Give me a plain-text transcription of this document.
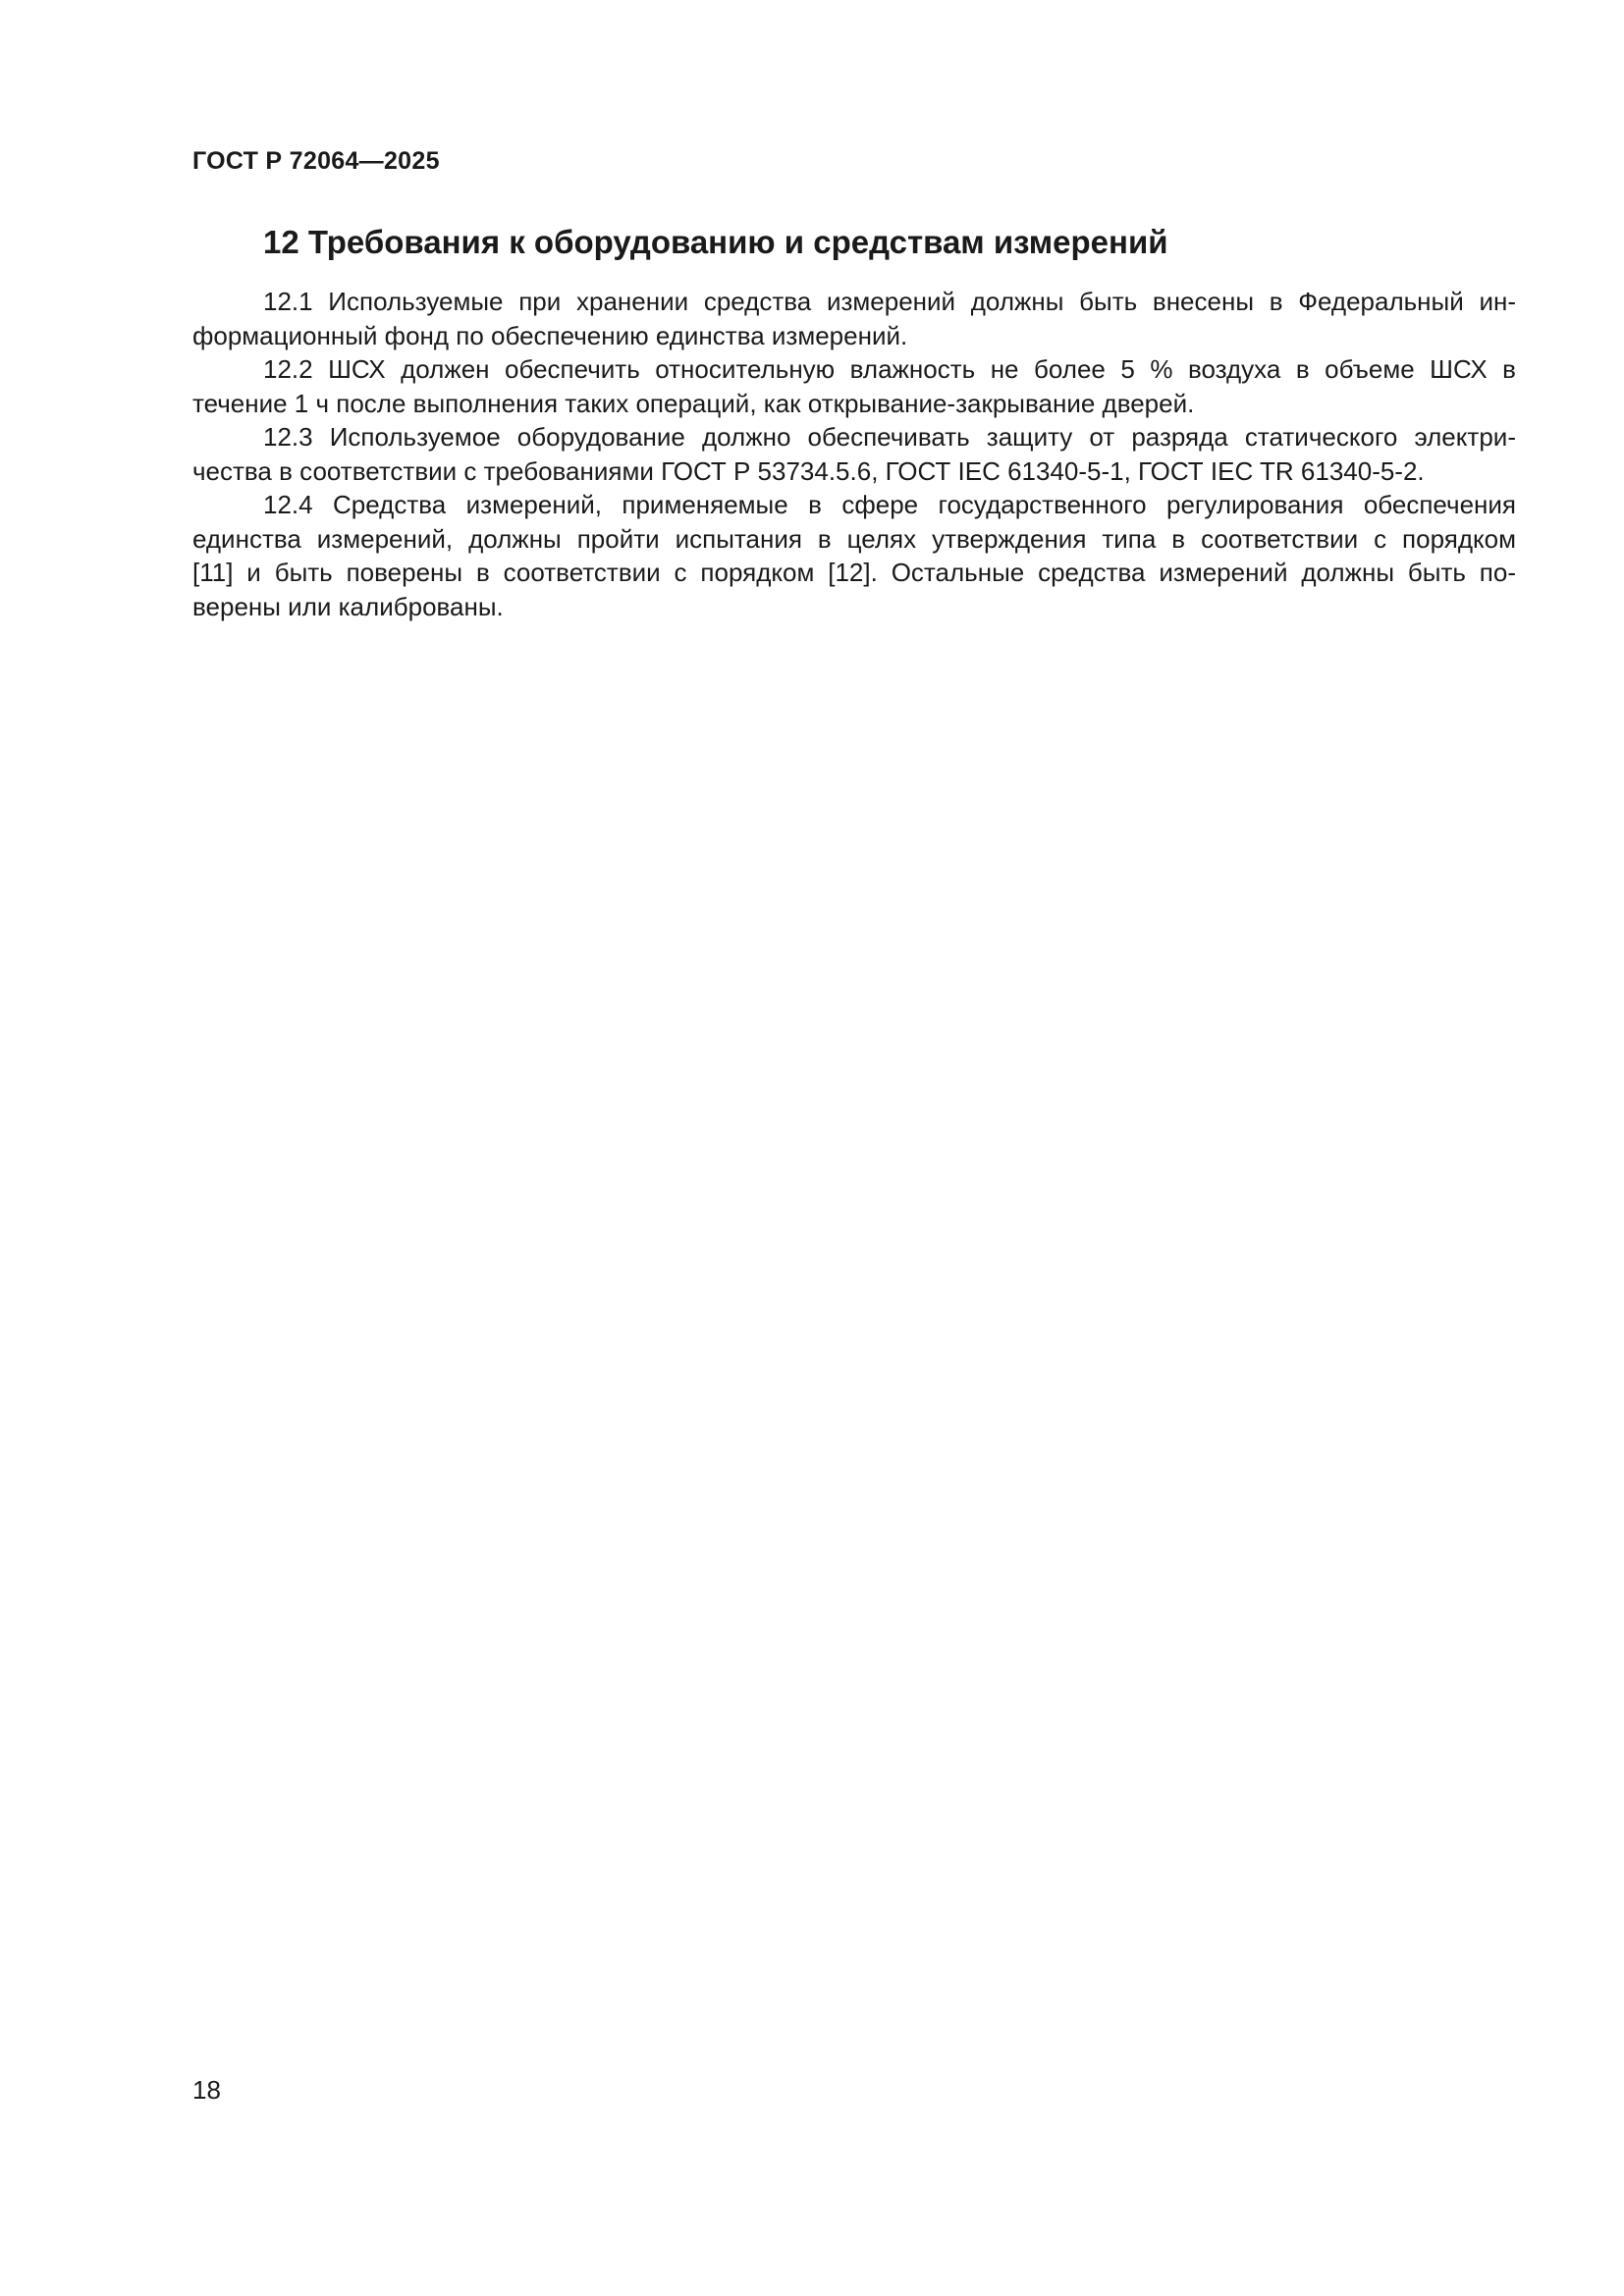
ГОСТ Р 72064—2025
12 Требования к оборудованию и средствам измерений
12.1 Используемые при хранении средства измерений должны быть внесены в Федеральный ин-
формационный фонд по обеспечению единства измерений.
12.2 ШСХ должен обеспечить относительную влажность не более 5 % воздуха в объеме ШСХ в
течение 1 ч после выполнения таких операций, как открывание-закрывание дверей.
12.3 Используемое оборудование должно обеспечивать защиту от разряда статического электри-
чества в соответствии с требованиями ГОСТ Р 53734.5.6, ГОСТ IEC 61340-5-1, ГОСТ IEC TR 61340-5-2.
12.4 Средства измерений, применяемые в сфере государственного регулирования обеспечения
единства измерений, должны пройти испытания в целях утверждения типа в соответствии с порядком
[11] и быть поверены в соответствии с порядком [12]. Остальные средства измерений должны быть по-
верены или калиброваны.
18
